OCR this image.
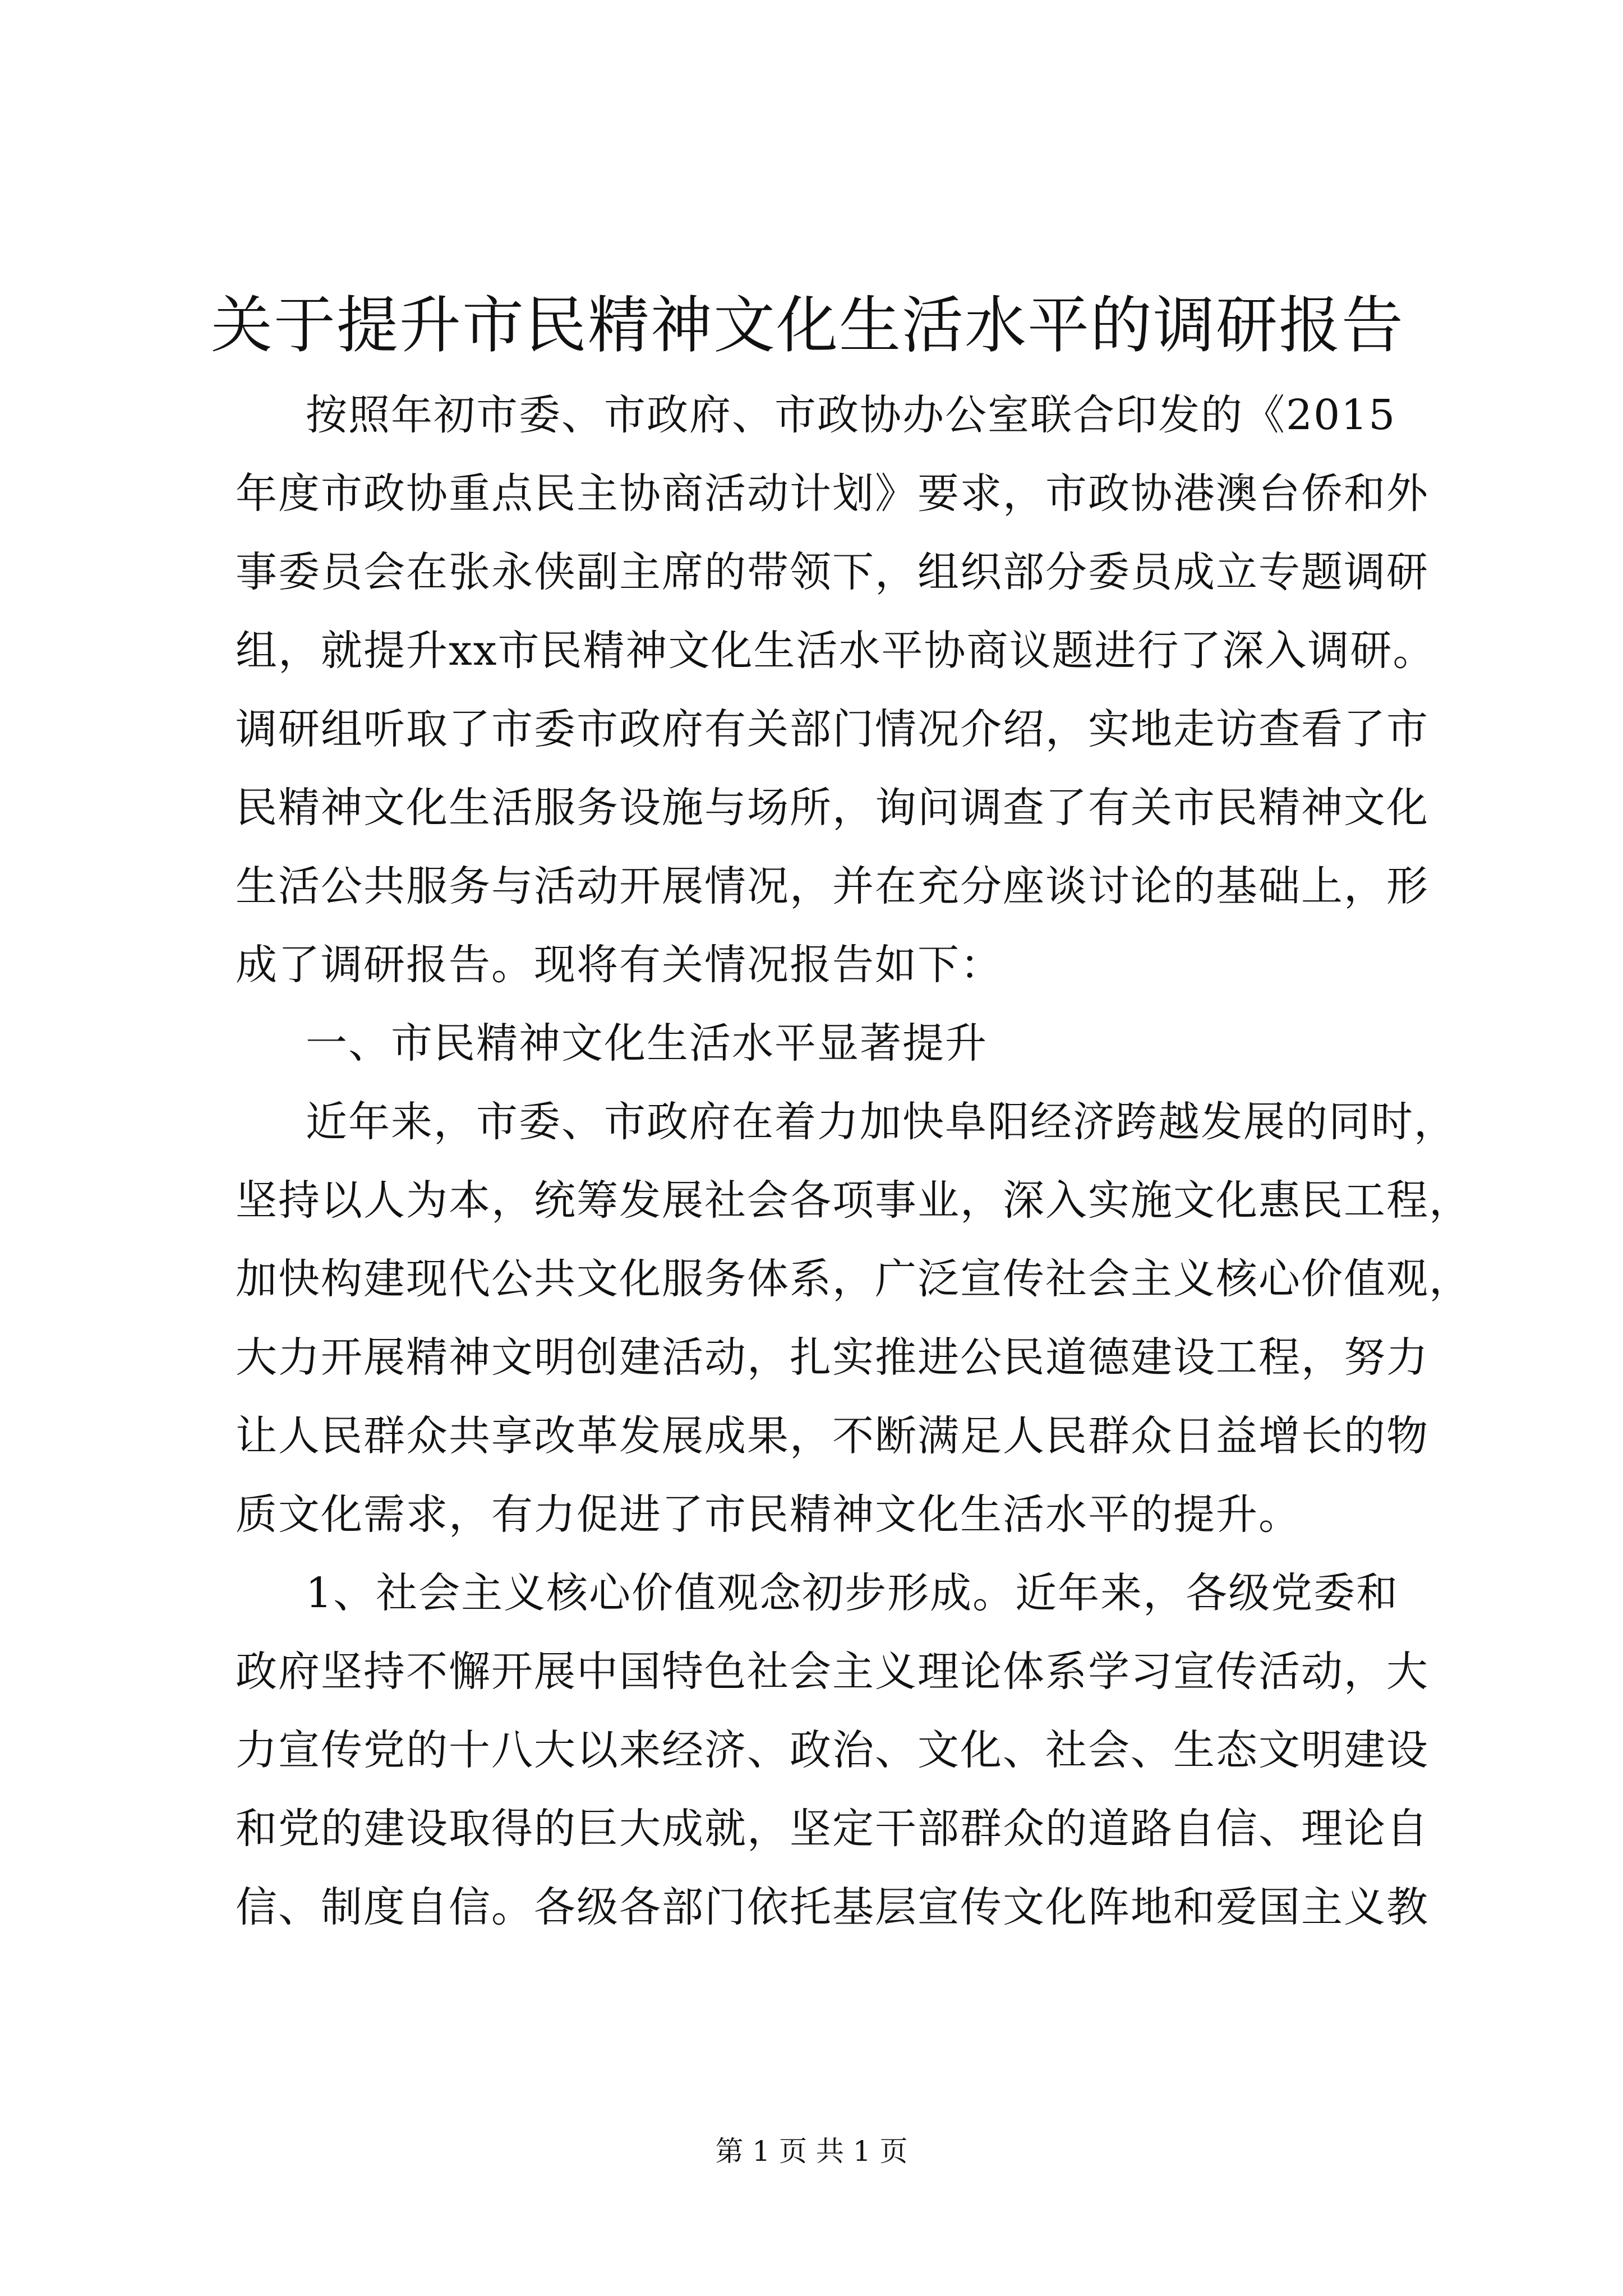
关于提升市民精神文化生活水平的调研报告
按照年初市委、市政府、市政协办公室联合印发的《2015
年度市政协重点民主协商活动计划》要求，市政协港澳台侨和外
事委员会在张永侠副主席的带领下，组织部分委员成立专题调研
组，就提升xx市民精神文化生活水平协商议题进行了深入调研。
调研组听取了市委市政府有关部门情况介绍，实地走访查看了市
民精神文化生活服务设施与场所，询问调查了有关市民精神文化
生活公共服务与活动开展情况，并在充分座谈讨论的基础上，形
成了调研报告。现将有关情况报告如下：
一、市民精神文化生活水平显著提升
近年来，市委、市政府在着力加快阜阳经济跨越发展的同时，
坚持以人为本，统筹发展社会各项事业，深入实施文化惠民工程，
加快构建现代公共文化服务体系，广泛宣传社会主义核心价值观，
大力开展精神文明创建活动，扎实推进公民道德建设工程，努力
让人民群众共享改革发展成果，不断满足人民群众日益增长的物
质文化需求，有力促进了市民精神文化生活水平的提升。
1、社会主义核心价值观念初步形成。近年来，各级党委和
政府坚持不懈开展中国特色社会主义理论体系学习宣传活动，大
力宣传党的十八大以来经济、政治、文化、社会、生态文明建设
和党的建设取得的巨大成就，坚定干部群众的道路自信、理论自
信、制度自信。各级各部门依托基层宣传文化阵地和爱国主义教
第 1 页 共 1 页
